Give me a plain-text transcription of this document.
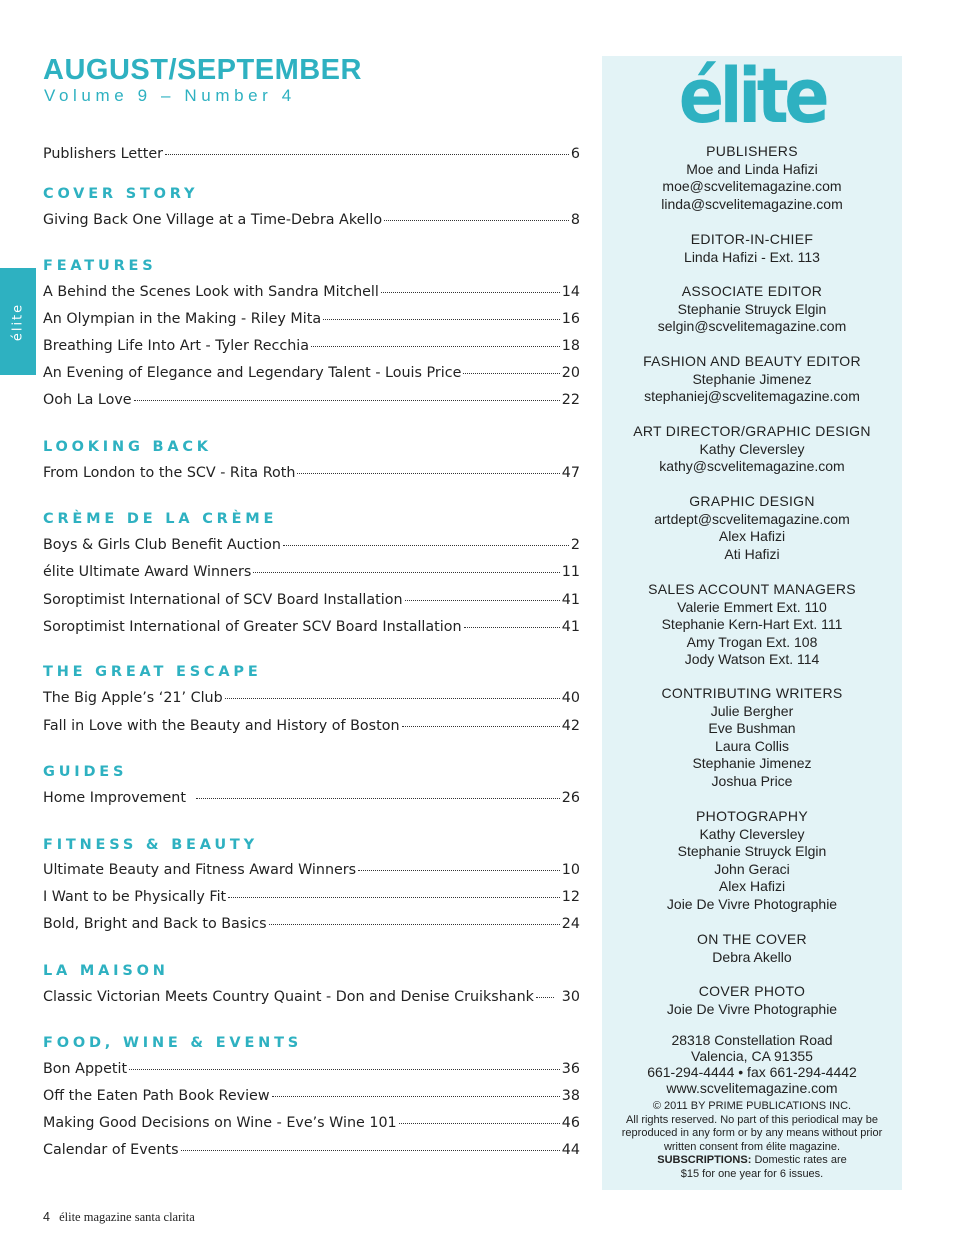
AUGUST/SEPTEMBER
Volume 9 – Number 4
élite
Publishers Letter	6
COVER STORY
Giving Back One Village at a Time-Debra Akello	8
FEATURES
A Behind the Scenes Look with Sandra Mitchell	14
An Olympian in the Making - Riley Mita	16
Breathing Life Into Art - Tyler Recchia	18
An Evening of Elegance and Legendary Talent - Louis Price	20
Ooh La Love	22
LOOKING BACK
From London to the SCV - Rita Roth	47
CRÈME DE LA CRÈME
Boys & Girls Club Benefit Auction	2
élite Ultimate Award Winners	11
Soroptimist International of SCV Board Installation	41
Soroptimist International of Greater SCV Board Installation	41
THE GREAT ESCAPE
The Big Apple’s ‘21’ Club	40
Fall in Love with the Beauty and History of Boston	42
GUIDES
Home Improvement	26
FITNESS & BEAUTY
Ultimate Beauty and Fitness Award Winners	10
I Want to be Physically Fit	12
Bold, Bright and Back to Basics	24
LA MAISON
Classic Victorian Meets Country Quaint - Don and Denise Cruikshank 30
FOOD, WINE & EVENTS
Bon Appetit	36
Off the Eaten Path Book Review	38
Making Good Decisions on Wine - Eve’s Wine 101	46
Calendar of Events	44
élite
PUBLISHERS
Moe and Linda Hafizi
moe@scvelitemagazine.com
linda@scvelitemagazine.com
EDITOR-IN-CHIEF
Linda Hafizi - Ext. 113
ASSOCIATE EDITOR
Stephanie Struyck Elgin
selgin@scvelitemagazine.com
FASHION AND BEAUTY EDITOR
Stephanie Jimenez
stephaniej@scvelitemagazine.com
ART DIRECTOR/GRAPHIC DESIGN
Kathy Cleversley
kathy@scvelitemagazine.com
GRAPHIC DESIGN
artdept@scvelitemagazine.com
Alex Hafizi
Ati Hafizi
SALES ACCOUNT MANAGERS
Valerie Emmert Ext. 110
Stephanie Kern-Hart Ext. 111
Amy Trogan Ext. 108
Jody Watson Ext. 114
CONTRIBUTING WRITERS
Julie Bergher
Eve Bushman
Laura Collis
Stephanie Jimenez
Joshua Price
PHOTOGRAPHY
Kathy Cleversley
Stephanie Struyck Elgin
John Geraci
Alex Hafizi
Joie De Vivre Photographie
ON THE COVER
Debra Akello
COVER PHOTO
Joie De Vivre Photographie
28318 Constellation Road
Valencia, CA 91355
661-294-4444 • fax 661-294-4442
www.scvelitemagazine.com
© 2011 BY PRIME PUBLICATIONS INC.
All rights reserved. No part of this periodical may be
reproduced in any form or by any means without prior
written consent from élite magazine.
SUBSCRIPTIONS: Domestic rates are
$15 for one year for 6 issues.
4 élite magazine santa clarita
